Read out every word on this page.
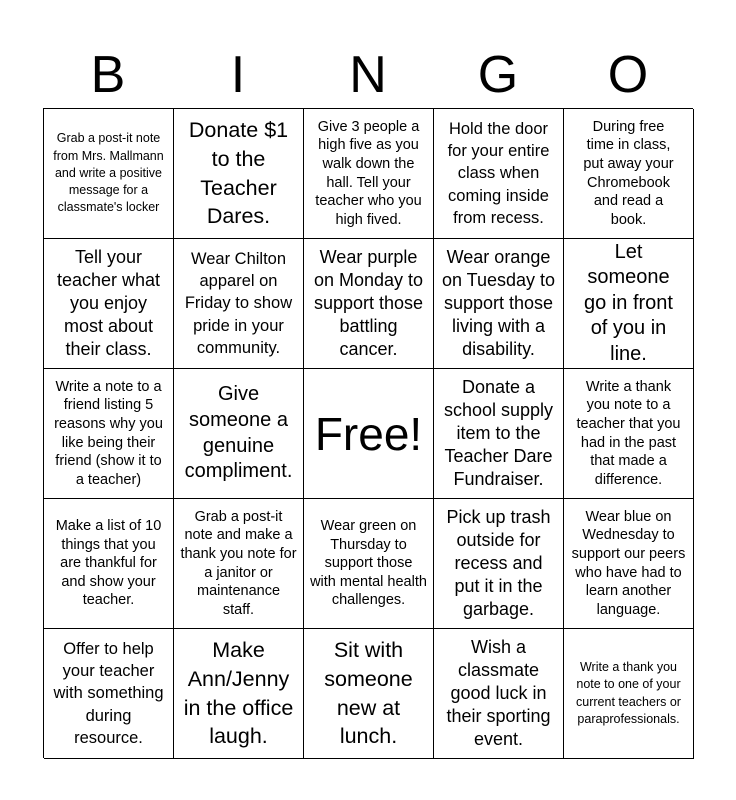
B	I	N	G	O
Grab a post-it note from Mrs. Mallmann and write a positive message for a classmate's locker
Donate $1 to the Teacher Dares.
Give 3 people a high five as you walk down the hall. Tell your teacher who you high fived.
Hold the door for your entire class when coming inside from recess.
During free time in class, put away your Chromebook and read a book.
Tell your teacher what you enjoy most about their class.
Wear Chilton apparel on Friday to show pride in your community.
Wear purple on Monday to support those battling cancer.
Wear orange on Tuesday to support those living with a disability.
Let someone go in front of you in line.
Write a note to a friend listing 5 reasons why you like being their friend (show it to a teacher)
Give someone a genuine compliment.
Free!
Donate a school supply item to the Teacher Dare Fundraiser.
Write a thank you note to a teacher that you had in the past that made a difference.
Make a list of 10 things that you are thankful for and show your teacher.
Grab a post-it note and make a thank you note for a janitor or maintenance staff.
Wear green on Thursday to support those with mental health challenges.
Pick up trash outside for recess and put it in the garbage.
Wear blue on Wednesday to support our peers who have had to learn another language.
Offer to help your teacher with something during resource.
Make Ann/Jenny in the office laugh.
Sit with someone new at lunch.
Wish a classmate good luck in their sporting event.
Write a thank you note to one of your current teachers or paraprofessionals.
